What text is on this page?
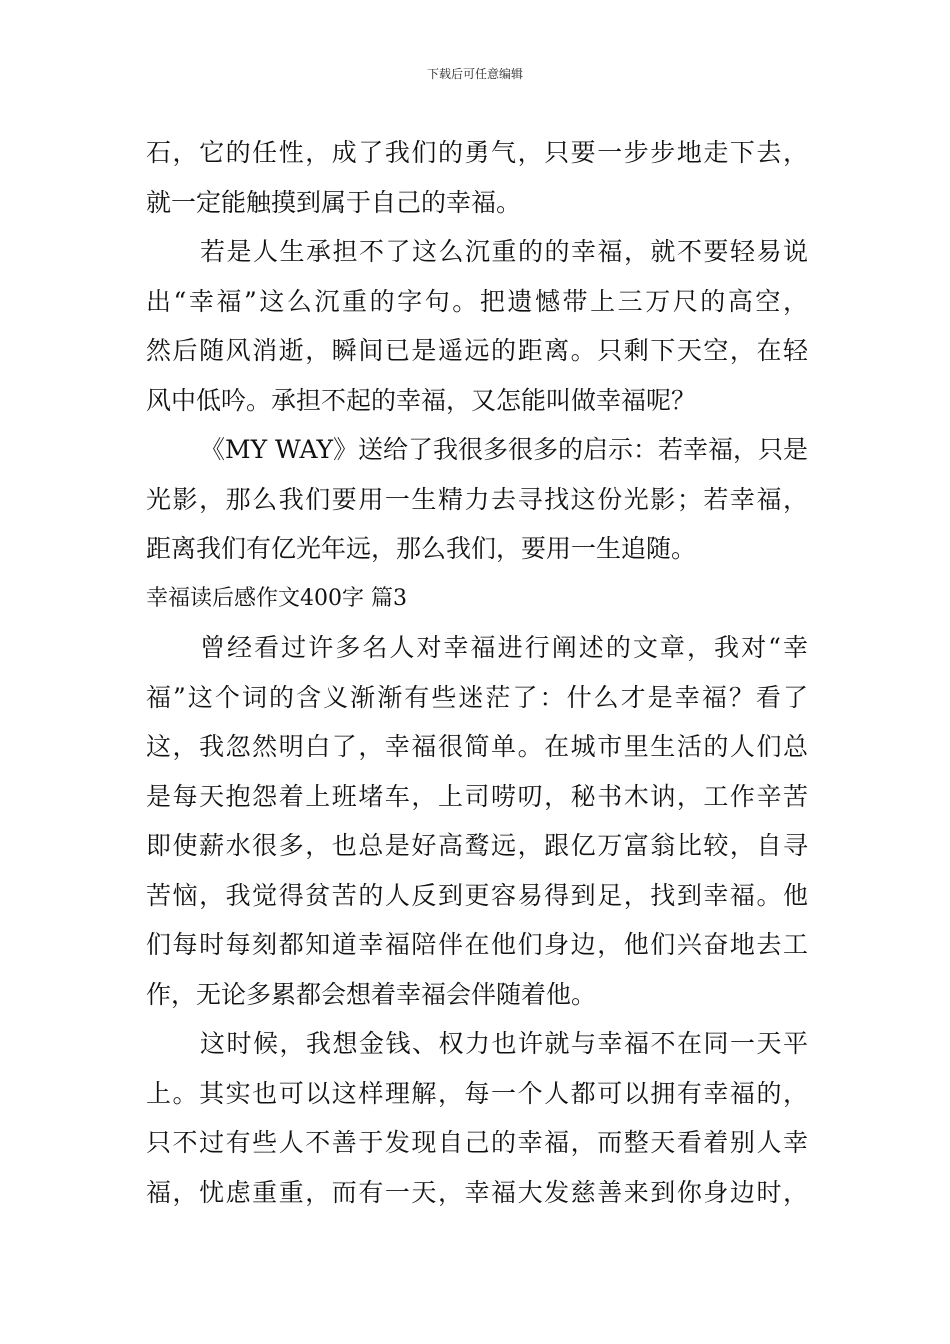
下载后可任意编辑
石，它的任性，成了我们的勇气，只要一步步地走下去，
就一定能触摸到属于自己的幸福。
若是人生承担不了这么沉重的的幸福，就不要轻易说
出“幸福”这么沉重的字句。把遗憾带上三万尺的高空，
然后随风消逝，瞬间已是遥远的距离。只剩下天空，在轻
风中低吟。承担不起的幸福，又怎能叫做幸福呢？
《MY WAY》送给了我很多很多的启示：若幸福，只是
光影，那么我们要用一生精力去寻找这份光影；若幸福，
距离我们有亿光年远，那么我们，要用一生追随。
幸福读后感作文400字 篇3
曾经看过许多名人对幸福进行阐述的文章，我对“幸
福”这个词的含义渐渐有些迷茫了：什么才是幸福？看了
这，我忽然明白了，幸福很简单。在城市里生活的人们总
是每天抱怨着上班堵车，上司唠叨，秘书木讷，工作辛苦
即使薪水很多，也总是好高鹜远，跟亿万富翁比较，自寻
苦恼，我觉得贫苦的人反到更容易得到足，找到幸福。他
们每时每刻都知道幸福陪伴在他们身边，他们兴奋地去工
作，无论多累都会想着幸福会伴随着他。
这时候，我想金钱、权力也许就与幸福不在同一天平
上。其实也可以这样理解，每一个人都可以拥有幸福的，
只不过有些人不善于发现自己的幸福，而整天看着别人幸
福，忧虑重重，而有一天，幸福大发慈善来到你身边时，
